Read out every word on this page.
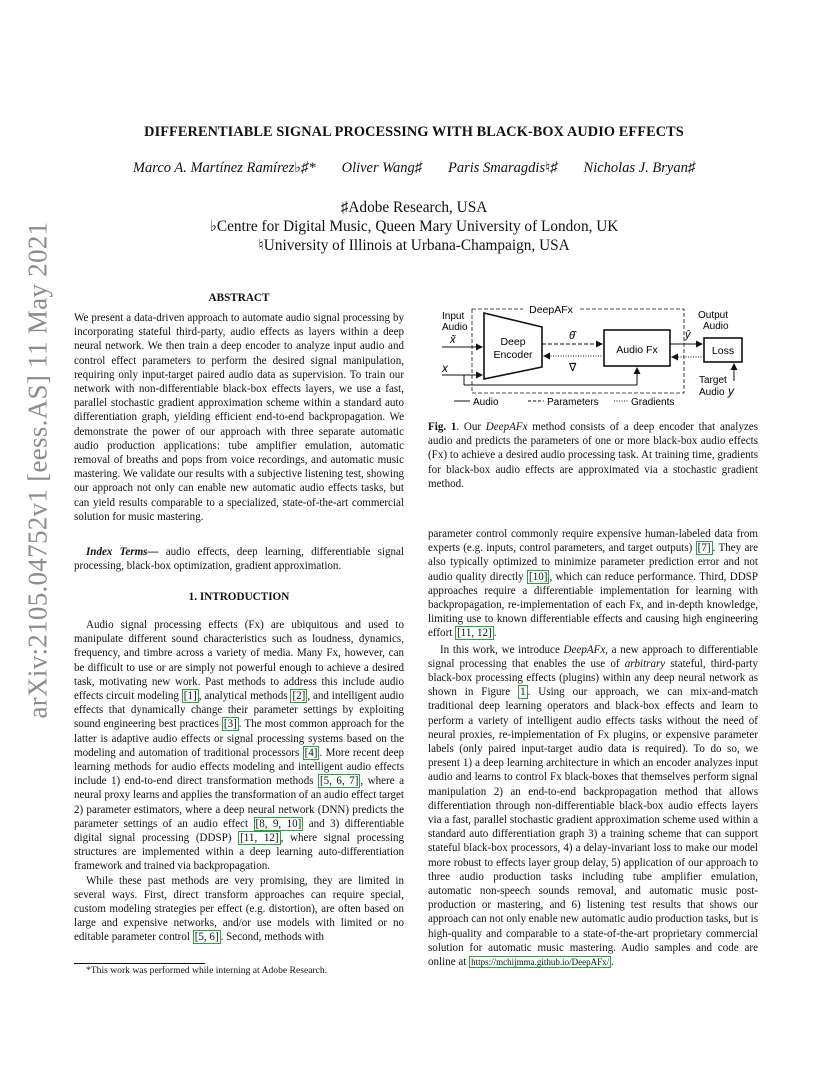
arXiv:2105.04752v1 [eess.AS] 11 May 2021
DIFFERENTIABLE SIGNAL PROCESSING WITH BLACK-BOX AUDIO EFFECTS
Marco A. Martínez Ramírez♭♯* Oliver Wang♯ Paris Smaragdis♮♯ Nicholas J. Bryan♯
♯Adobe Research, USA
♭Centre for Digital Music, Queen Mary University of London, UK
♮University of Illinois at Urbana-Champaign, USA
ABSTRACT

We present a data-driven approach to automate audio signal processing by incorporating stateful third-party, audio effects as layers within a deep neural network. We then train a deep encoder to analyze input audio and control effect parameters to perform the desired signal manipulation, requiring only input-target paired audio data as supervision. To train our network with non-differentiable black-box effects layers, we use a fast, parallel stochastic gradient approximation scheme within a standard auto differentiation graph, yielding efficient end-to-end backpropagation. We demonstrate the power of our approach with three separate automatic audio production applications: tube amplifier emulation, automatic removal of breaths and pops from voice recordings, and automatic music mastering. We validate our results with a subjective listening test, showing our approach not only can enable new automatic audio effects tasks, but can yield results comparable to a specialized, state-of-the-art commercial solution for music mastering.

Index Terms— audio effects, deep learning, differentiable signal processing, black-box optimization, gradient approximation.

1. INTRODUCTION

Audio signal processing effects (Fx) are ubiquitous and used to manipulate different sound characteristics such as loudness, dynamics, frequency, and timbre across a variety of media. Many Fx, however, can be difficult to use or are simply not powerful enough to achieve a desired task, motivating new work. Past methods to address this include audio effects circuit modeling [1] , analytical methods [2] , and intelligent audio effects that dynamically change their parameter settings by exploiting sound engineering best practices [3] . The most common approach for the latter is adaptive audio effects or signal processing systems based on the modeling and automation of traditional processors [4] . More recent deep learning methods for audio effects modeling and intelligent audio effects include 1) end-to-end direct transformation methods [5, 6, 7] , where a neural proxy learns and applies the transformation of an audio effect target 2) parameter estimators, where a deep neural network (DNN) predicts the parameter settings of an audio effect [8, 9, 10] and 3) differentiable digital signal processing (DDSP) [11, 12] , where signal processing structures are implemented within a deep learning auto-differentiation framework and trained via backpropagation.

While these past methods are very promising, they are limited in several ways. First, direct transform approaches can require special, custom modeling strategies per effect (e.g. distortion), are often based on large and expensive networks, and/or use models with limited or no editable parameter control [5, 6] . Second, methods with

*This work was performed while interning at Adobe Research.
DeepAFx
Input
Audio
x̃
x
Deep
Encoder
θ̂
∇̃
Audio Fx
ŷ
Loss
Output
Audio
Target
Audio y
Audio	Parameters	Gradients

Fig. 1. Our DeepAFx method consists of a deep encoder that analyzes audio and predicts the parameters of one or more black-box audio effects (Fx) to achieve a desired audio processing task. At training time, gradients for black-box audio effects are approximated via a stochastic gradient method.

parameter control commonly require expensive human-labeled data from experts (e.g. inputs, control parameters, and target outputs) [7] . They are also typically optimized to minimize parameter prediction error and not audio quality directly [10] , which can reduce performance. Third, DDSP approaches require a differentiable implementation for learning with backpropagation, re-implementation of each Fx, and in-depth knowledge, limiting use to known differentiable effects and causing high engineering effort [11, 12] .

In this work, we introduce DeepAFx, a new approach to differentiable signal processing that enables the use of arbitrary stateful, third-party black-box processing effects (plugins) within any deep neural network as shown in Figure 1 . Using our approach, we can mix-and-match traditional deep learning operators and black-box effects and learn to perform a variety of intelligent audio effects tasks without the need of neural proxies, re-implementation of Fx plugins, or expensive parameter labels (only paired input-target audio data is required). To do so, we present 1) a deep learning architecture in which an encoder analyzes input audio and learns to control Fx black-boxes that themselves perform signal manipulation 2) an end-to-end backpropagation method that allows differentiation through non-differentiable black-box audio effects layers via a fast, parallel stochastic gradient approximation scheme used within a standard auto differentiation graph 3) a training scheme that can support stateful black-box processors, 4) a delay-invariant loss to make our model more robust to effects layer group delay, 5) application of our approach to three audio production tasks including tube amplifier emulation, automatic non-speech sounds removal, and automatic music post-production or mastering, and 6) listening test results that shows our approach can not only enable new automatic audio production tasks, but is high-quality and comparable to a state-of-the-art proprietary commercial solution for automatic music mastering. Audio samples and code are online at https://mchijmma.github.io/DeepAFx/ .
